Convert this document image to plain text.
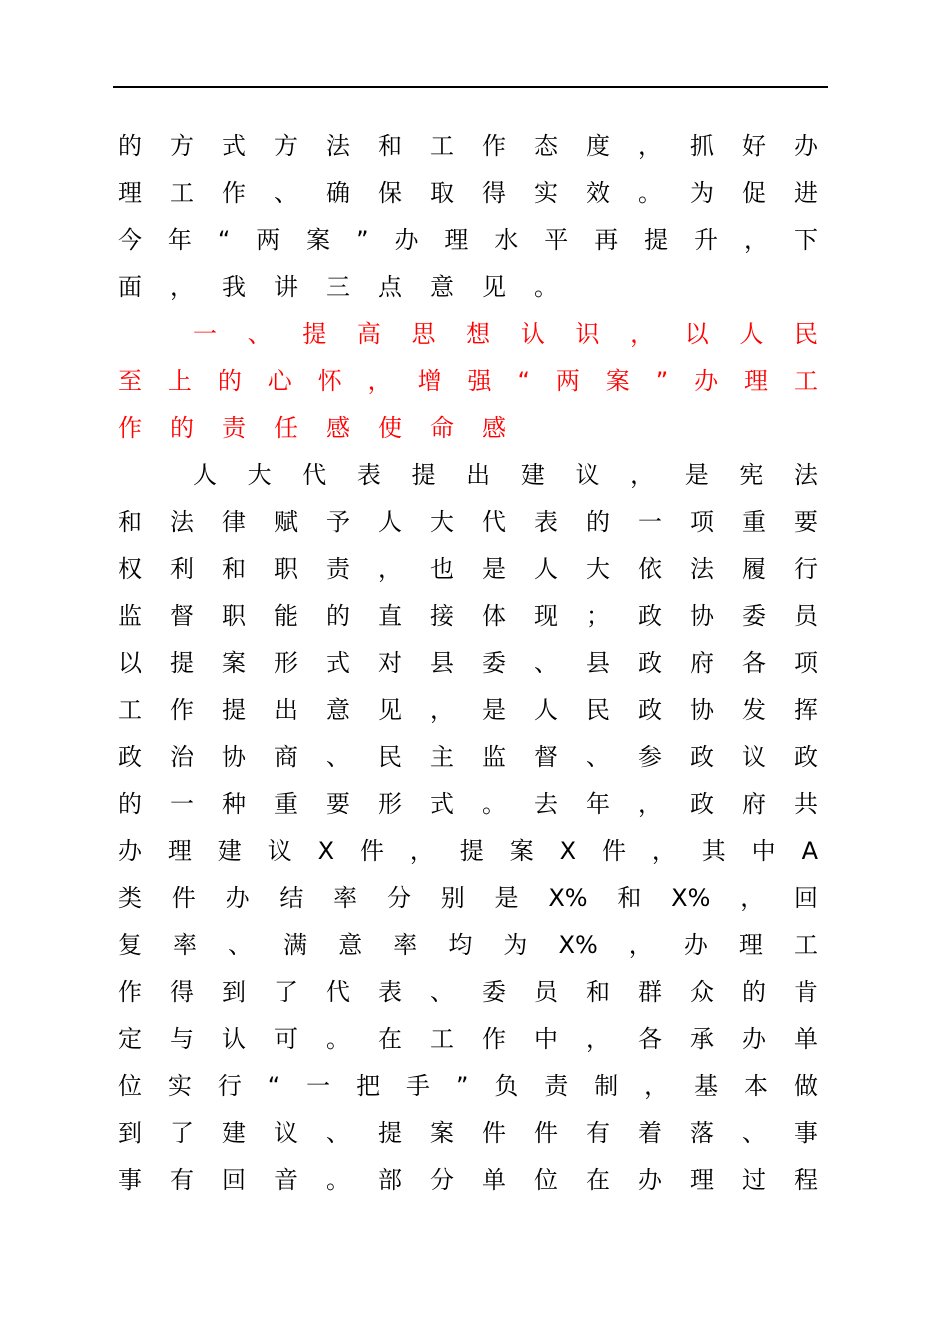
的方式方法和工作态度，抓好办
理工作、确保取得实效。为促进
今年“两案”办理水平再提升，下
面，我讲三点意见。
一、提高思想认识，以人民
至上的心怀，增强“两案”办理工
作的责任感使命感
人大代表提出建议，是宪法
和法律赋予人大代表的一项重要
权利和职责，也是人大依法履行
监督职能的直接体现；政协委员
以提案形式对县委、县政府各项
工作提出意见，是人民政协发挥
政治协商、民主监督、参政议政
的一种重要形式。去年，政府共
办理建议X件，提案X件，其中A
类件办结率分别是X%和X%，回
复率、满意率均为X%，办理工
作得到了代表、委员和群众的肯
定与认可。在工作中，各承办单
位实行“一把手”负责制，基本做
到了建议、提案件件有着落、事
事有回音。部分单位在办理过程
